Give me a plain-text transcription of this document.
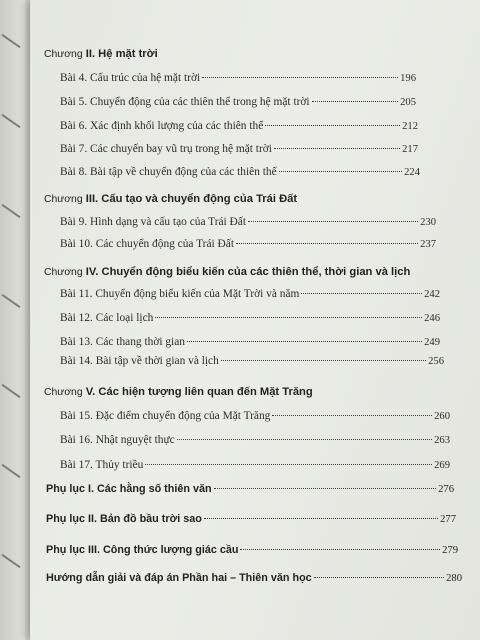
Chương II. Hệ mặt trời
Bài 4. Cấu trúc của hệ mặt trời	196
Bài 5. Chuyển động của các thiên thể trong hệ mặt trời	205
Bài 6. Xác định khối lượng của các thiên thể	212
Bài 7. Các chuyến bay vũ trụ trong hệ mặt trời	217
Bài 8. Bài tập về chuyển động của các thiên thể	224
Chương III. Cấu tạo và chuyển động của Trái Đất
Bài 9. Hình dạng và cấu tạo của Trái Đất	230
Bài 10. Các chuyển động của Trái Đất	237
Chương IV. Chuyển động biểu kiến của các thiên thể, thời gian và lịch
Bài 11. Chuyển động biểu kiến của Mặt Trời và năm	242
Bài 12. Các loại lịch	246
Bài 13. Các thang thời gian	249
Bài 14. Bài tập về thời gian và lịch	256
Chương V. Các hiện tượng liên quan đến Mặt Trăng
Bài 15. Đặc điểm chuyển động của Mặt Trăng	260
Bài 16. Nhật nguyệt thực	263
Bài 17. Thủy triều	269
Phụ lục I. Các hằng số thiên văn	276
Phụ lục II. Bản đồ bầu trời sao	277
Phụ lục III. Công thức lượng giác cầu	279
Hướng dẫn giải và đáp án Phần hai – Thiên văn học	280
